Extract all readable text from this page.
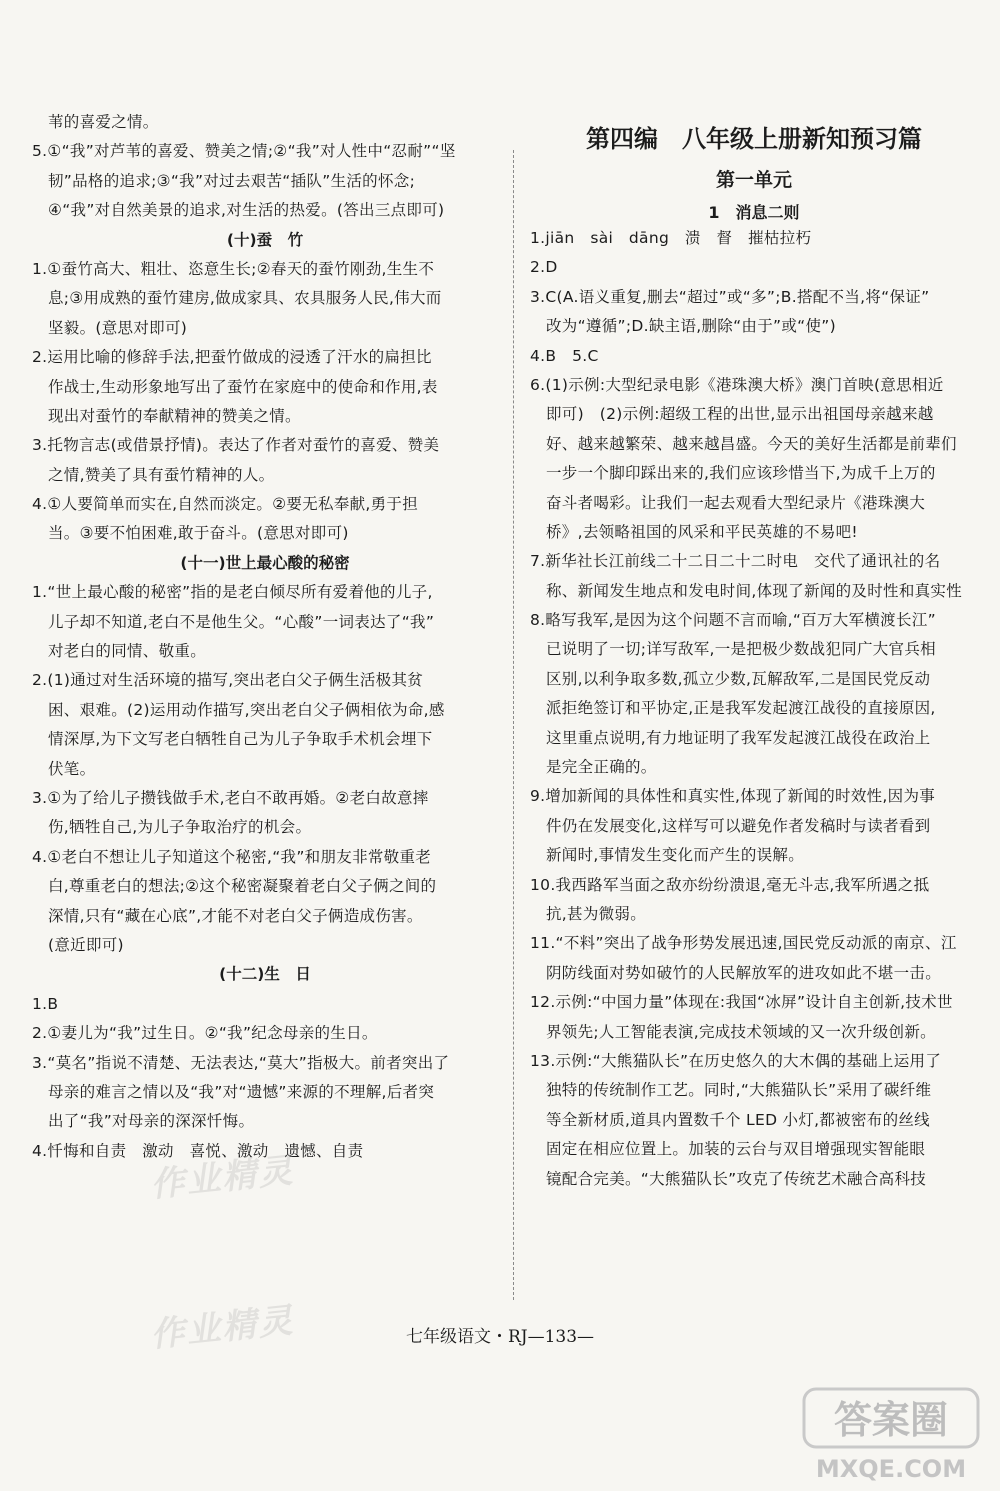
苇的喜爱之情。
5.①“我”对芦苇的喜爱、赞美之情;②“我”对人性中“忍耐”“坚
韧”品格的追求;③“我”对过去艰苦“插队”生活的怀念;
④“我”对自然美景的追求,对生活的热爱。(答出三点即可)
(十)蚕　竹
1.①蚕竹高大、粗壮、恣意生长;②春天的蚕竹刚劲,生生不
息;③用成熟的蚕竹建房,做成家具、农具服务人民,伟大而
坚毅。(意思对即可)
2.运用比喻的修辞手法,把蚕竹做成的浸透了汗水的扁担比
作战士,生动形象地写出了蚕竹在家庭中的使命和作用,表
现出对蚕竹的奉献精神的赞美之情。
3.托物言志(或借景抒情)。表达了作者对蚕竹的喜爱、赞美
之情,赞美了具有蚕竹精神的人。
4.①人要简单而实在,自然而淡定。②要无私奉献,勇于担
当。③要不怕困难,敢于奋斗。(意思对即可)
(十一)世上最心酸的秘密
1.“世上最心酸的秘密”指的是老白倾尽所有爱着他的儿子,
儿子却不知道,老白不是他生父。“心酸”一词表达了“我”
对老白的同情、敬重。
2.(1)通过对生活环境的描写,突出老白父子俩生活极其贫
困、艰难。(2)运用动作描写,突出老白父子俩相依为命,感
情深厚,为下文写老白牺牲自己为儿子争取手术机会埋下
伏笔。
3.①为了给儿子攒钱做手术,老白不敢再婚。②老白故意摔
伤,牺牲自己,为儿子争取治疗的机会。
4.①老白不想让儿子知道这个秘密,“我”和朋友非常敬重老
白,尊重老白的想法;②这个秘密凝聚着老白父子俩之间的
深情,只有“藏在心底”,才能不对老白父子俩造成伤害。
(意近即可)
(十二)生　日
1.B
2.①妻儿为“我”过生日。②“我”纪念母亲的生日。
3.“莫名”指说不清楚、无法表达,“莫大”指极大。前者突出了
母亲的难言之情以及“我”对“遗憾”来源的不理解,后者突
出了“我”对母亲的深深忏悔。
4.忏悔和自责　激动　喜悦、激动　遗憾、自责
第四编　八年级上册新知预习篇
第一单元
1　消息二则
1.jiān　sài　dāng　溃　督　摧枯拉朽
2.D
3.C(A.语义重复,删去“超过”或“多”;B.搭配不当,将“保证”
改为“遵循”;D.缺主语,删除“由于”或“使”)
4.B　5.C
6.(1)示例:大型纪录电影《港珠澳大桥》澳门首映(意思相近
即可)　(2)示例:超级工程的出世,显示出祖国母亲越来越
好、越来越繁荣、越来越昌盛。今天的美好生活都是前辈们
一步一个脚印踩出来的,我们应该珍惜当下,为成千上万的
奋斗者喝彩。让我们一起去观看大型纪录片《港珠澳大
桥》,去领略祖国的风采和平民英雄的不易吧!
7.新华社长江前线二十二日二十二时电　交代了通讯社的名
称、新闻发生地点和发电时间,体现了新闻的及时性和真实性
8.略写我军,是因为这个问题不言而喻,“百万大军横渡长江”
已说明了一切;详写敌军,一是把极少数战犯同广大官兵相
区别,以利争取多数,孤立少数,瓦解敌军,二是国民党反动
派拒绝签订和平协定,正是我军发起渡江战役的直接原因,
这里重点说明,有力地证明了我军发起渡江战役在政治上
是完全正确的。
9.增加新闻的具体性和真实性,体现了新闻的时效性,因为事
件仍在发展变化,这样写可以避免作者发稿时与读者看到
新闻时,事情发生变化而产生的误解。
10.我西路军当面之敌亦纷纷溃退,毫无斗志,我军所遇之抵
抗,甚为微弱。
11.“不料”突出了战争形势发展迅速,国民党反动派的南京、江
阴防线面对势如破竹的人民解放军的进攻如此不堪一击。
12.示例:“中国力量”体现在:我国“冰屏”设计自主创新,技术世
界领先;人工智能表演,完成技术领域的又一次升级创新。
13.示例:“大熊猫队长”在历史悠久的大木偶的基础上运用了
独特的传统制作工艺。同时,“大熊猫队长”采用了碳纤维
等全新材质,道具内置数千个 LED 小灯,都被密布的丝线
固定在相应位置上。加装的云台与双目增强现实智能眼
镜配合完美。“大熊猫队长”攻克了传统艺术融合高科技
作业精灵
作业精灵	七年级语文・RJ—133—
答案圈
MXQE.COM
